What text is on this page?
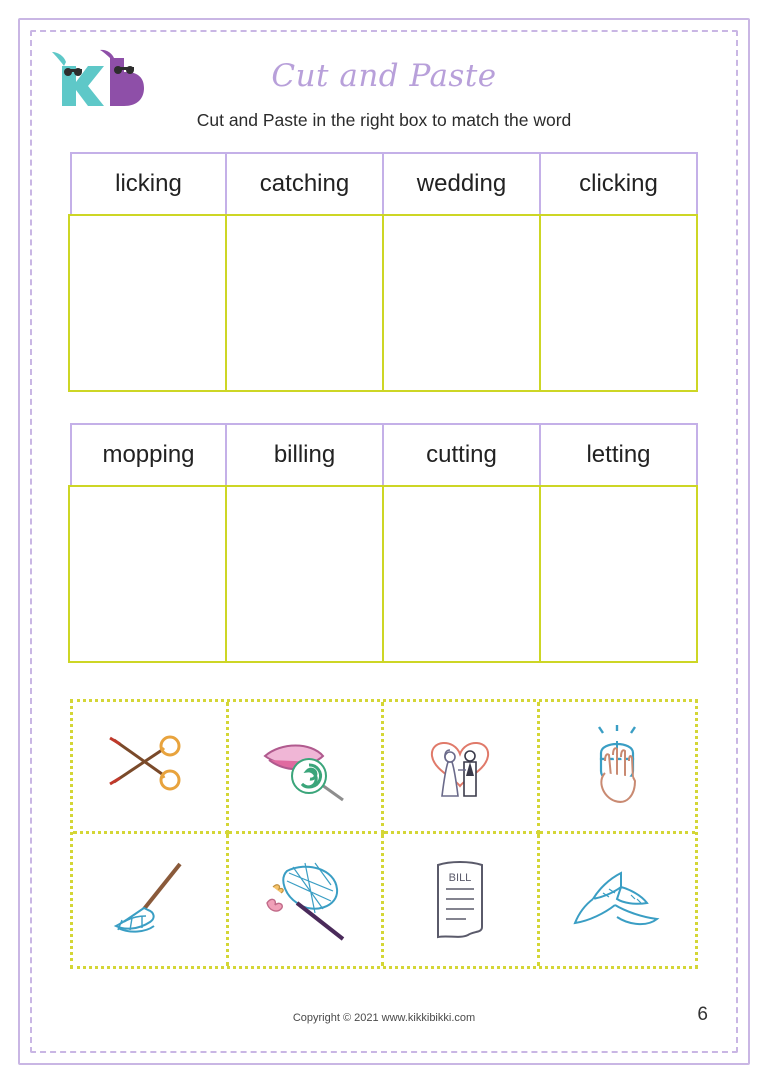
Cut and Paste
Cut and Paste in the right box to match the word
licking	catching	wedding	clicking
mopping	billing	cutting	letting
BILL
Copyright © 2021 www.kikkibikki.com	6
